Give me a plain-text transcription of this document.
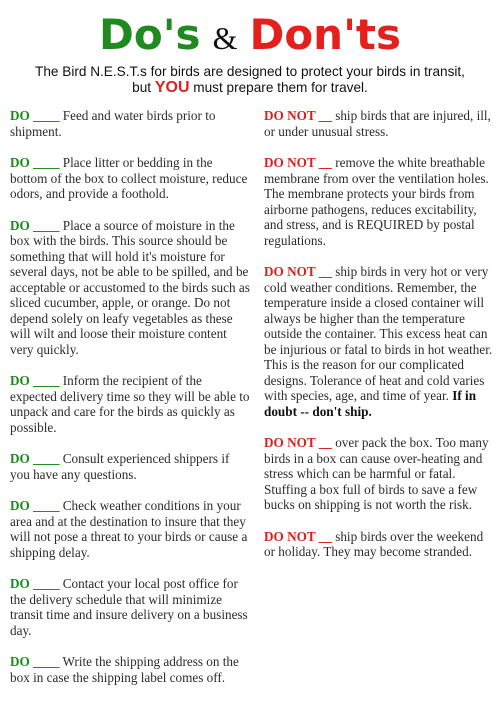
Do's & Don'ts
The Bird N.E.S.T.s for birds are designed to protect your birds in transit,
but YOU must prepare them for travel.
DO ____ Feed and water birds prior to shipment.
DO ____ Place litter or bedding in the bottom of the box to collect moisture, reduce odors, and provide a foothold.
DO ____ Place a source of moisture in the box with the birds. This source should be something that will hold it's moisture for several days, not be able to be spilled, and be acceptable or accustomed to the birds such as sliced cucumber, apple, or orange. Do not depend solely on leafy vegetables as these will wilt and loose their moisture content very quickly.
DO ____ Inform the recipient of the expected delivery time so they will be able to unpack and care for the birds as quickly as possible.
DO ____ Consult experienced shippers if you have any questions.
DO ____ Check weather conditions in your area and at the destination to insure that they will not pose a threat to your birds or cause a shipping delay.
DO ____ Contact your local post office for the delivery schedule that will minimize transit time and insure delivery on a business day.
DO ____ Write the shipping address on the box in case the shipping label comes off.
DO NOT __ ship birds that are injured, ill, or under unusual stress.
DO NOT __ remove the white breathable membrane from over the ventilation holes. The membrane protects your birds from airborne pathogens, reduces excitability, and stress, and is REQUIRED by postal regulations.
DO NOT __ ship birds in very hot or very cold weather conditions. Remember, the temperature inside a closed container will always be higher than the temperature outside the container. This excess heat can be injurious or fatal to birds in hot weather. This is the reason for our complicated designs. Tolerance of heat and cold varies with species, age, and time of year. If in doubt -- don't ship.
DO NOT __ over pack the box. Too many birds in a box can cause over-heating and stress which can be harmful or fatal. Stuffing a box full of birds to save a few bucks on shipping is not worth the risk.
DO NOT __ ship birds over the weekend or holiday. They may become stranded.
